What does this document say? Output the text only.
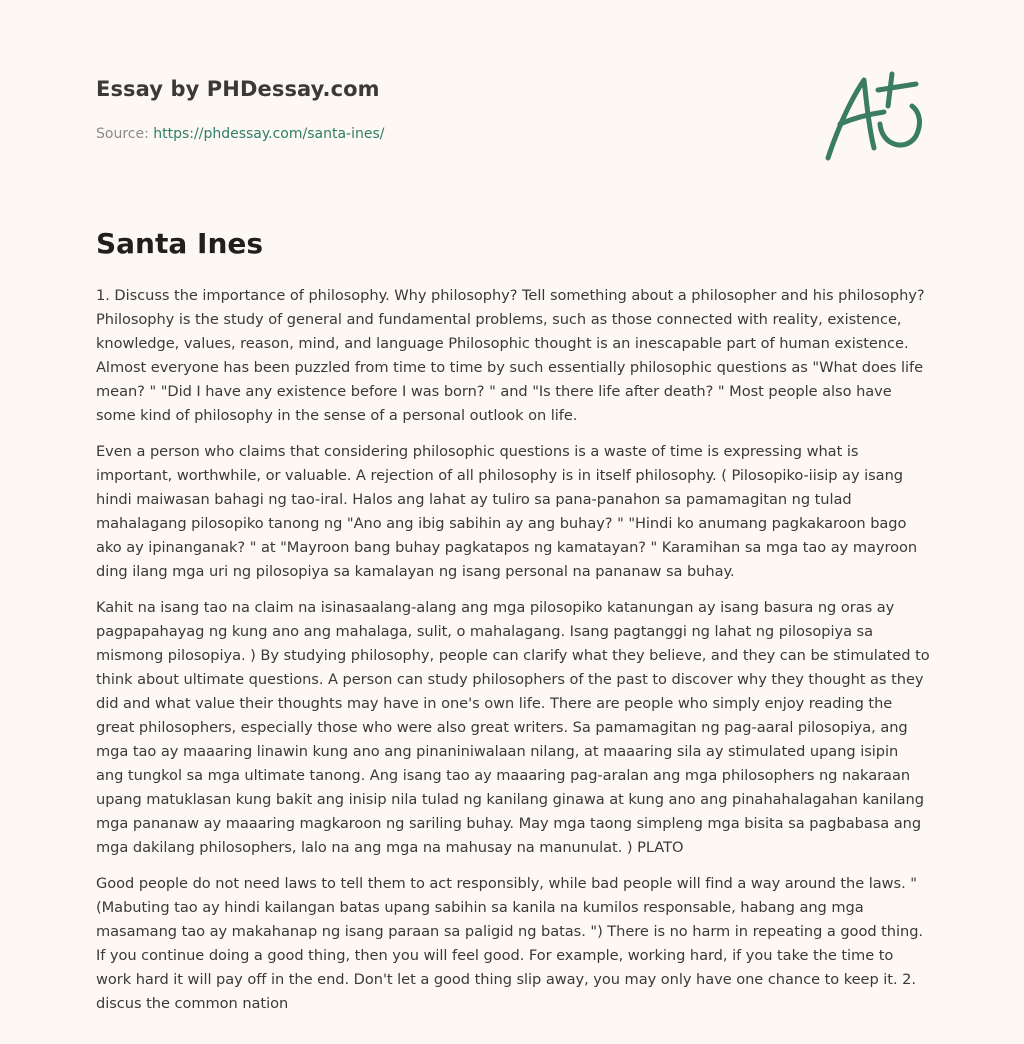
Essay by PHDessay.com
Source: https://phdessay.com/santa-ines/
Santa Ines

1. Discuss the importance of philosophy. Why philosophy? Tell something about a philosopher and his philosophy? Philosophy is the study of general and fundamental problems, such as those connected with reality, existence, knowledge, values, reason, mind, and language Philosophic thought is an inescapable part of human existence. Almost everyone has been puzzled from time to time by such essentially philosophic questions as "What does life mean? " "Did I have any existence before I was born? " and "Is there life after death? " Most people also have some kind of philosophy in the sense of a personal outlook on life.

Even a person who claims that considering philosophic questions is a waste of time is expressing what is important, worthwhile, or valuable. A rejection of all philosophy is in itself philosophy. ( Pilosopiko-iisip ay isang hindi maiwasan bahagi ng tao-iral. Halos ang lahat ay tuliro sa pana-panahon sa pamamagitan ng tulad mahalagang pilosopiko tanong ng "Ano ang ibig sabihin ay ang buhay? " "Hindi ko anumang pagkakaroon bago ako ay ipinanganak? " at "Mayroon bang buhay pagkatapos ng kamatayan? " Karamihan sa mga tao ay mayroon ding ilang mga uri ng pilosopiya sa kamalayan ng isang personal na pananaw sa buhay.

Kahit na isang tao na claim na isinasaalang-alang ang mga pilosopiko katanungan ay isang basura ng oras ay pagpapahayag ng kung ano ang mahalaga, sulit, o mahalagang. Isang pagtanggi ng lahat ng pilosopiya sa mismong pilosopiya. ) By studying philosophy, people can clarify what they believe, and they can be stimulated to think about ultimate questions. A person can study philosophers of the past to discover why they thought as they did and what value their thoughts may have in one's own life. There are people who simply enjoy reading the great philosophers, especially those who were also great writers. Sa pamamagitan ng pag-aaral pilosopiya, ang mga tao ay maaaring linawin kung ano ang pinaniniwalaan nilang, at maaaring sila ay stimulated upang isipin ang tungkol sa mga ultimate tanong. Ang isang tao ay maaaring pag-aralan ang mga philosophers ng nakaraan upang matuklasan kung bakit ang inisip nila tulad ng kanilang ginawa at kung ano ang pinahahalagahan kanilang mga pananaw ay maaaring magkaroon ng sariling buhay. May mga taong simpleng mga bisita sa pagbabasa ang mga dakilang philosophers, lalo na ang mga na mahusay na manunulat. ) PLATO

Good people do not need laws to tell them to act responsibly, while bad people will find a way around the laws. " (Mabuting tao ay hindi kailangan batas upang sabihin sa kanila na kumilos responsable, habang ang mga masamang tao ay makahanap ng isang paraan sa paligid ng batas. ") There is no harm in repeating a good thing. If you continue doing a good thing, then you will feel good. For example, working hard, if you take the time to work hard it will pay off in the end. Don't let a good thing slip away, you may only have one chance to keep it. 2. discus the common nation
